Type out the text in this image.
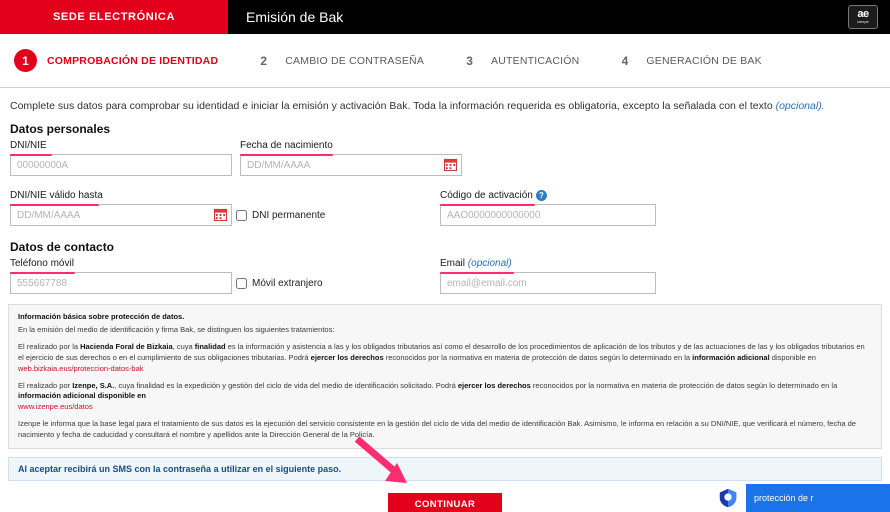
SEDE ELECTRÓNICA	Emisión de Bak	ae
izenpe
1	COMPROBACIÓN DE IDENTIDAD	2	CAMBIO DE CONTRASEÑA	3	AUTENTICACIÓN	4	GENERACIÓN DE BAK
Complete sus datos para comprobar su identidad e iniciar la emisión y activación Bak. Toda la información requerida es obligatoria, excepto la señalada con el texto (opcional).
Datos personales
DNI/NIE
00000000A	Fecha de nacimiento
DD/MM/AAAA
DNI/NIE válido hasta
DD/MM/AAAA
DNI permanente
Código de activación ?
AAO0000000000000
Datos de contacto
Teléfono móvil
555667788
Móvil extranjero
Email (opcional)
email@email.com
Información básica sobre protección de datos.

En la emisión del medio de identificación y firma Bak, se distinguen los siguientes tratamientos:

El realizado por la Hacienda Foral de Bizkaia, cuya finalidad es la información y asistencia a las y los obligados tributarios así como el desarrollo de los procedimientos de aplicación de los tributos y de las actuaciones de las y los obligados tributarios en el ejercicio de sus derechos o en el cumplimiento de sus obligaciones tributarias. Podrá ejercer los derechos reconocidos por la normativa en materia de protección de datos según lo determinado en la información adicional disponible en web.bizkaia.eus/proteccion-datos-bak

El realizado por Izenpe, S.A., cuya finalidad es la expedición y gestión del ciclo de vida del medio de identificación solicitado. Podrá ejercer los derechos reconocidos por la normativa en materia de protección de datos según lo determinado en la información adicional disponible en
www.izenpe.eus/datos

Izenpe le informa que la base legal para el tratamiento de sus datos es la ejecución del servicio consistente en la gestión del ciclo de vida del medio de identificación Bak. Asimismo, le informa en relación a su DNI/NIE, que verificará el número, fecha de nacimiento y fecha de caducidad y consultará el nombre y apellidos ante la Dirección General de la Policía.

Al aceptar recibirá un SMS con la contraseña a utilizar en el siguiente paso.
CONTINUAR
protección de r
